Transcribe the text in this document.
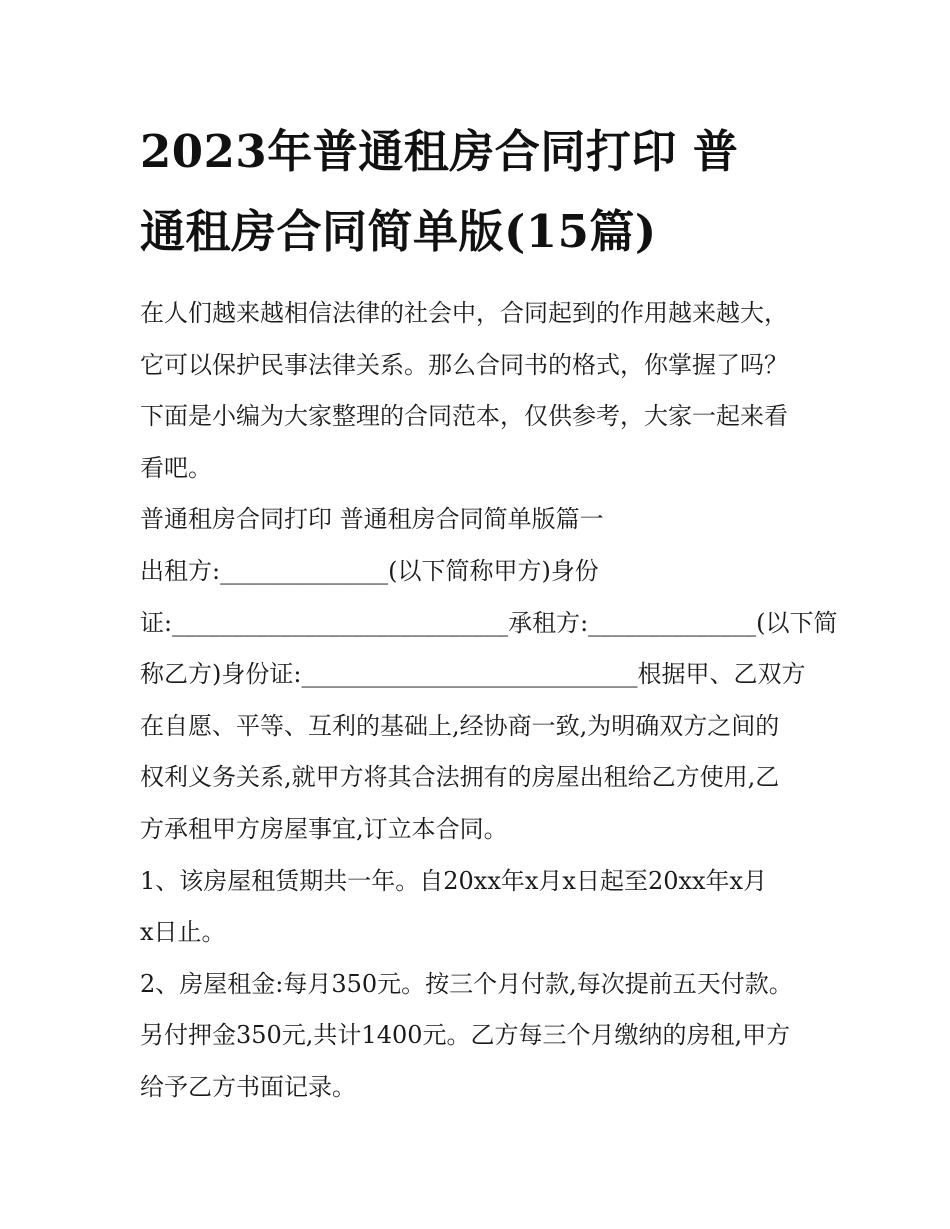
2023年普通租房合同打印 普
通租房合同简单版(15篇)

在人们越来越相信法律的社会中，合同起到的作用越来越大，
它可以保护民事法律关系。那么合同书的格式，你掌握了吗？
下面是小编为大家整理的合同范本，仅供参考，大家一起来看
看吧。

普通租房合同打印 普通租房合同简单版篇一

出租方:______________(以下简称甲方)身份
证:____________________________承租方:______________(以下简
称乙方)身份证:____________________________根据甲、乙双方
在自愿、平等、互利的基础上,经协商一致,为明确双方之间的
权利义务关系,就甲方将其合法拥有的房屋出租给乙方使用,乙
方承租甲方房屋事宜,订立本合同。

1、该房屋租赁期共一年。自20xx年x月x日起至20xx年x月
x日止。

2、房屋租金:每月350元。按三个月付款,每次提前五天付款。
另付押金350元,共计1400元。乙方每三个月缴纳的房租,甲方
给予乙方书面记录。
